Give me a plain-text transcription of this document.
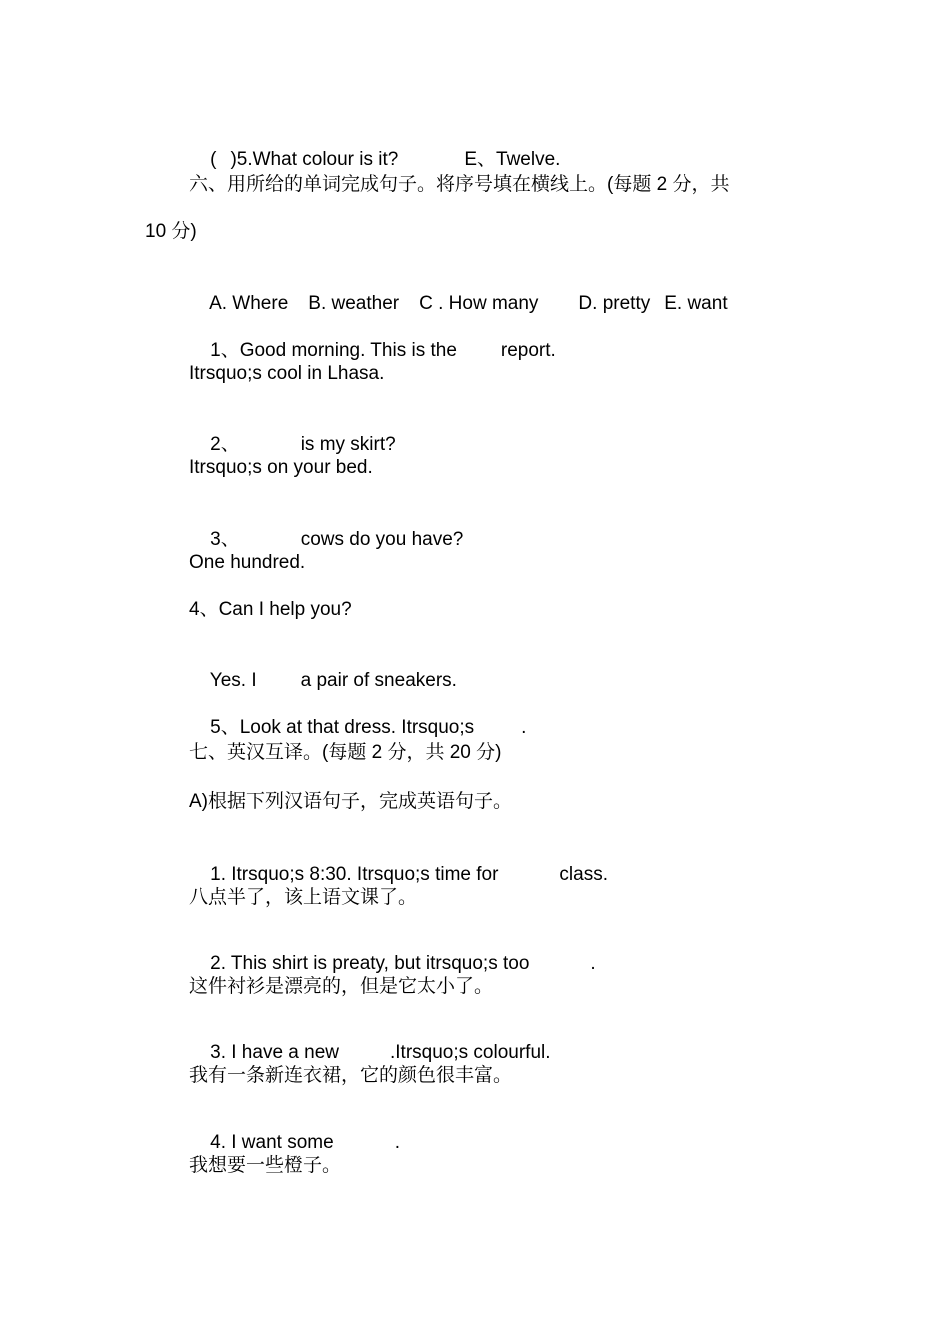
( )5.What colour is it?	E、Twelve.

六、用所给的单词完成句子。将序号填在横线上。(每题 2 分，共
10 分)

A. Where B. weather C . How many D. pretty E. want

1、Good morning. This is the report.

Itrsquo;s cool in Lhasa.

2、	is my skirt?

Itrsquo;s on your bed.

3、	cows do you have?

One hundred.
4、Can I help you?

Yes. I a pair of sneakers.

5、Look at that dress. Itrsquo;s .

七、英汉互译。(每题 2 分，共 20 分)
A)根据下列汉语句子，完成英语句子。

1. Itrsquo;s 8:30. Itrsquo;s time for	class.

八点半了，该上语文课了。

2. This shirt is preaty, but itrsquo;s too	.

这件衬衫是漂亮的，但是它太小了。

3. I have a new	.Itrsquo;s colourful.

我有一条新连衣裙，它的颜色很丰富。

4. I want some	.

我想要一些橙子。
